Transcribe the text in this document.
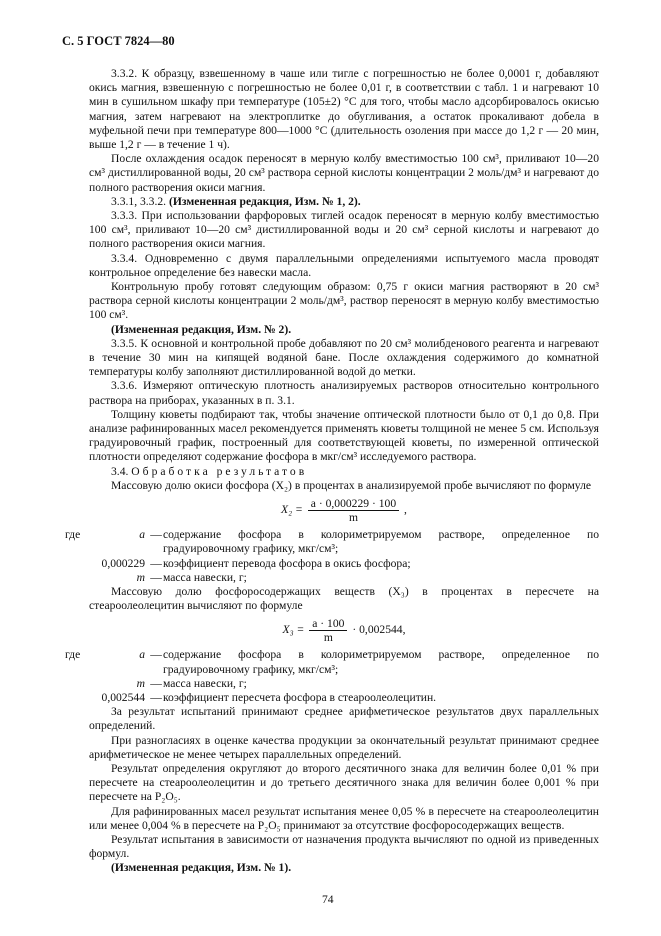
С. 5 ГОСТ 7824—80

3.3.2. К образцу, взвешенному в чаше или тигле с погрешностью не более 0,0001 г, добавляют окись магния, взвешенную с погрешностью не более 0,01 г, в соответствии с табл. 1 и нагревают 10 мин в сушильном шкафу при температуре (105±2) °С для того, чтобы масло адсорбировалось окисью магния, затем нагревают на электроплитке до обугливания, а остаток прокаливают добела в муфельной печи при температуре 800—1000 °С (длительность озоления при массе до 1,2 г — 20 мин, выше 1,2 г — в течение 1 ч).

После охлаждения осадок переносят в мерную колбу вместимостью 100 см³, приливают 10—20 см³ дистиллированной воды, 20 см³ раствора серной кислоты концентрации 2 моль/дм³ и нагревают до полного растворения окиси магния.

3.3.1, 3.3.2. (Измененная редакция, Изм. № 1, 2).

3.3.3. При использовании фарфоровых тиглей осадок переносят в мерную колбу вместимостью 100 см³, приливают 10—20 см³ дистиллированной воды и 20 см³ серной кислоты и нагревают до полного растворения окиси магния.

3.3.4. Одновременно с двумя параллельными определениями испытуемого масла проводят контрольное определение без навески масла.

Контрольную пробу готовят следующим образом: 0,75 г окиси магния растворяют в 20 см³ раствора серной кислоты концентрации 2 моль/дм³, раствор переносят в мерную колбу вместимостью 100 см³.

(Измененная редакция, Изм. № 2).

3.3.5. К основной и контрольной пробе добавляют по 20 см³ молибденового реагента и нагревают в течение 30 мин на кипящей водяной бане. После охлаждения содержимого до комнатной температуры колбу заполняют дистиллированной водой до метки.

3.3.6. Измеряют оптическую плотность анализируемых растворов относительно контрольного раствора на приборах, указанных в п. 3.1.

Толщину кюветы подбирают так, чтобы значение оптической плотности было от 0,1 до 0,8. При анализе рафинированных масел рекомендуется применять кюветы толщиной не менее 5 см. Используя градуировочный график, построенный для соответствующей кюветы, по измеренной оптической плотности определяют содержание фосфора в мкг/см³ исследуемого раствора.

3.4. Обработка результатов

Массовую долю окиси фосфора (X₂) в процентах в анализируемой пробе вычисляют по формуле

$X_2 = \frac{a \cdot 0,000229 \cdot 100}{m}$ ,
где	a — содержание фосфора в колориметрируемом растворе, определенное по градуировочному графику, мкг/см³;
0,000229 — коэффициент перевода фосфора в окись фосфора;
m — масса навески, г;

Массовую долю фосфоросодержащих веществ (X₃) в процентах в пересчете на стеароолеолецитин вычисляют по формуле

$X_3 = \frac{a \cdot 100}{m} \cdot 0,002544$,
где	a — содержание фосфора в колориметрируемом растворе, определенное по градуировочному графику, мкг/см³;
m — масса навески, г;
0,002544 — коэффициент пересчета фосфора в стеароолеолецитин.

За результат испытаний принимают среднее арифметическое результатов двух параллельных определений.

При разногласиях в оценке качества продукции за окончательный результат принимают среднее арифметическое не менее четырех параллельных определений.

Результат определения округляют до второго десятичного знака для величин более 0,01 % при пересчете на стеароолеолецитин и до третьего десятичного знака для величин более 0,001 % при пересчете на P₂O₅.

Для рафинированных масел результат испытания менее 0,05 % в пересчете на стеароолеолецитин или менее 0,004 % в пересчете на P₂O₅ принимают за отсутствие фосфоросодержащих веществ.

Результат испытания в зависимости от назначения продукта вычисляют по одной из приведенных формул.

(Измененная редакция, Изм. № 1).

74
